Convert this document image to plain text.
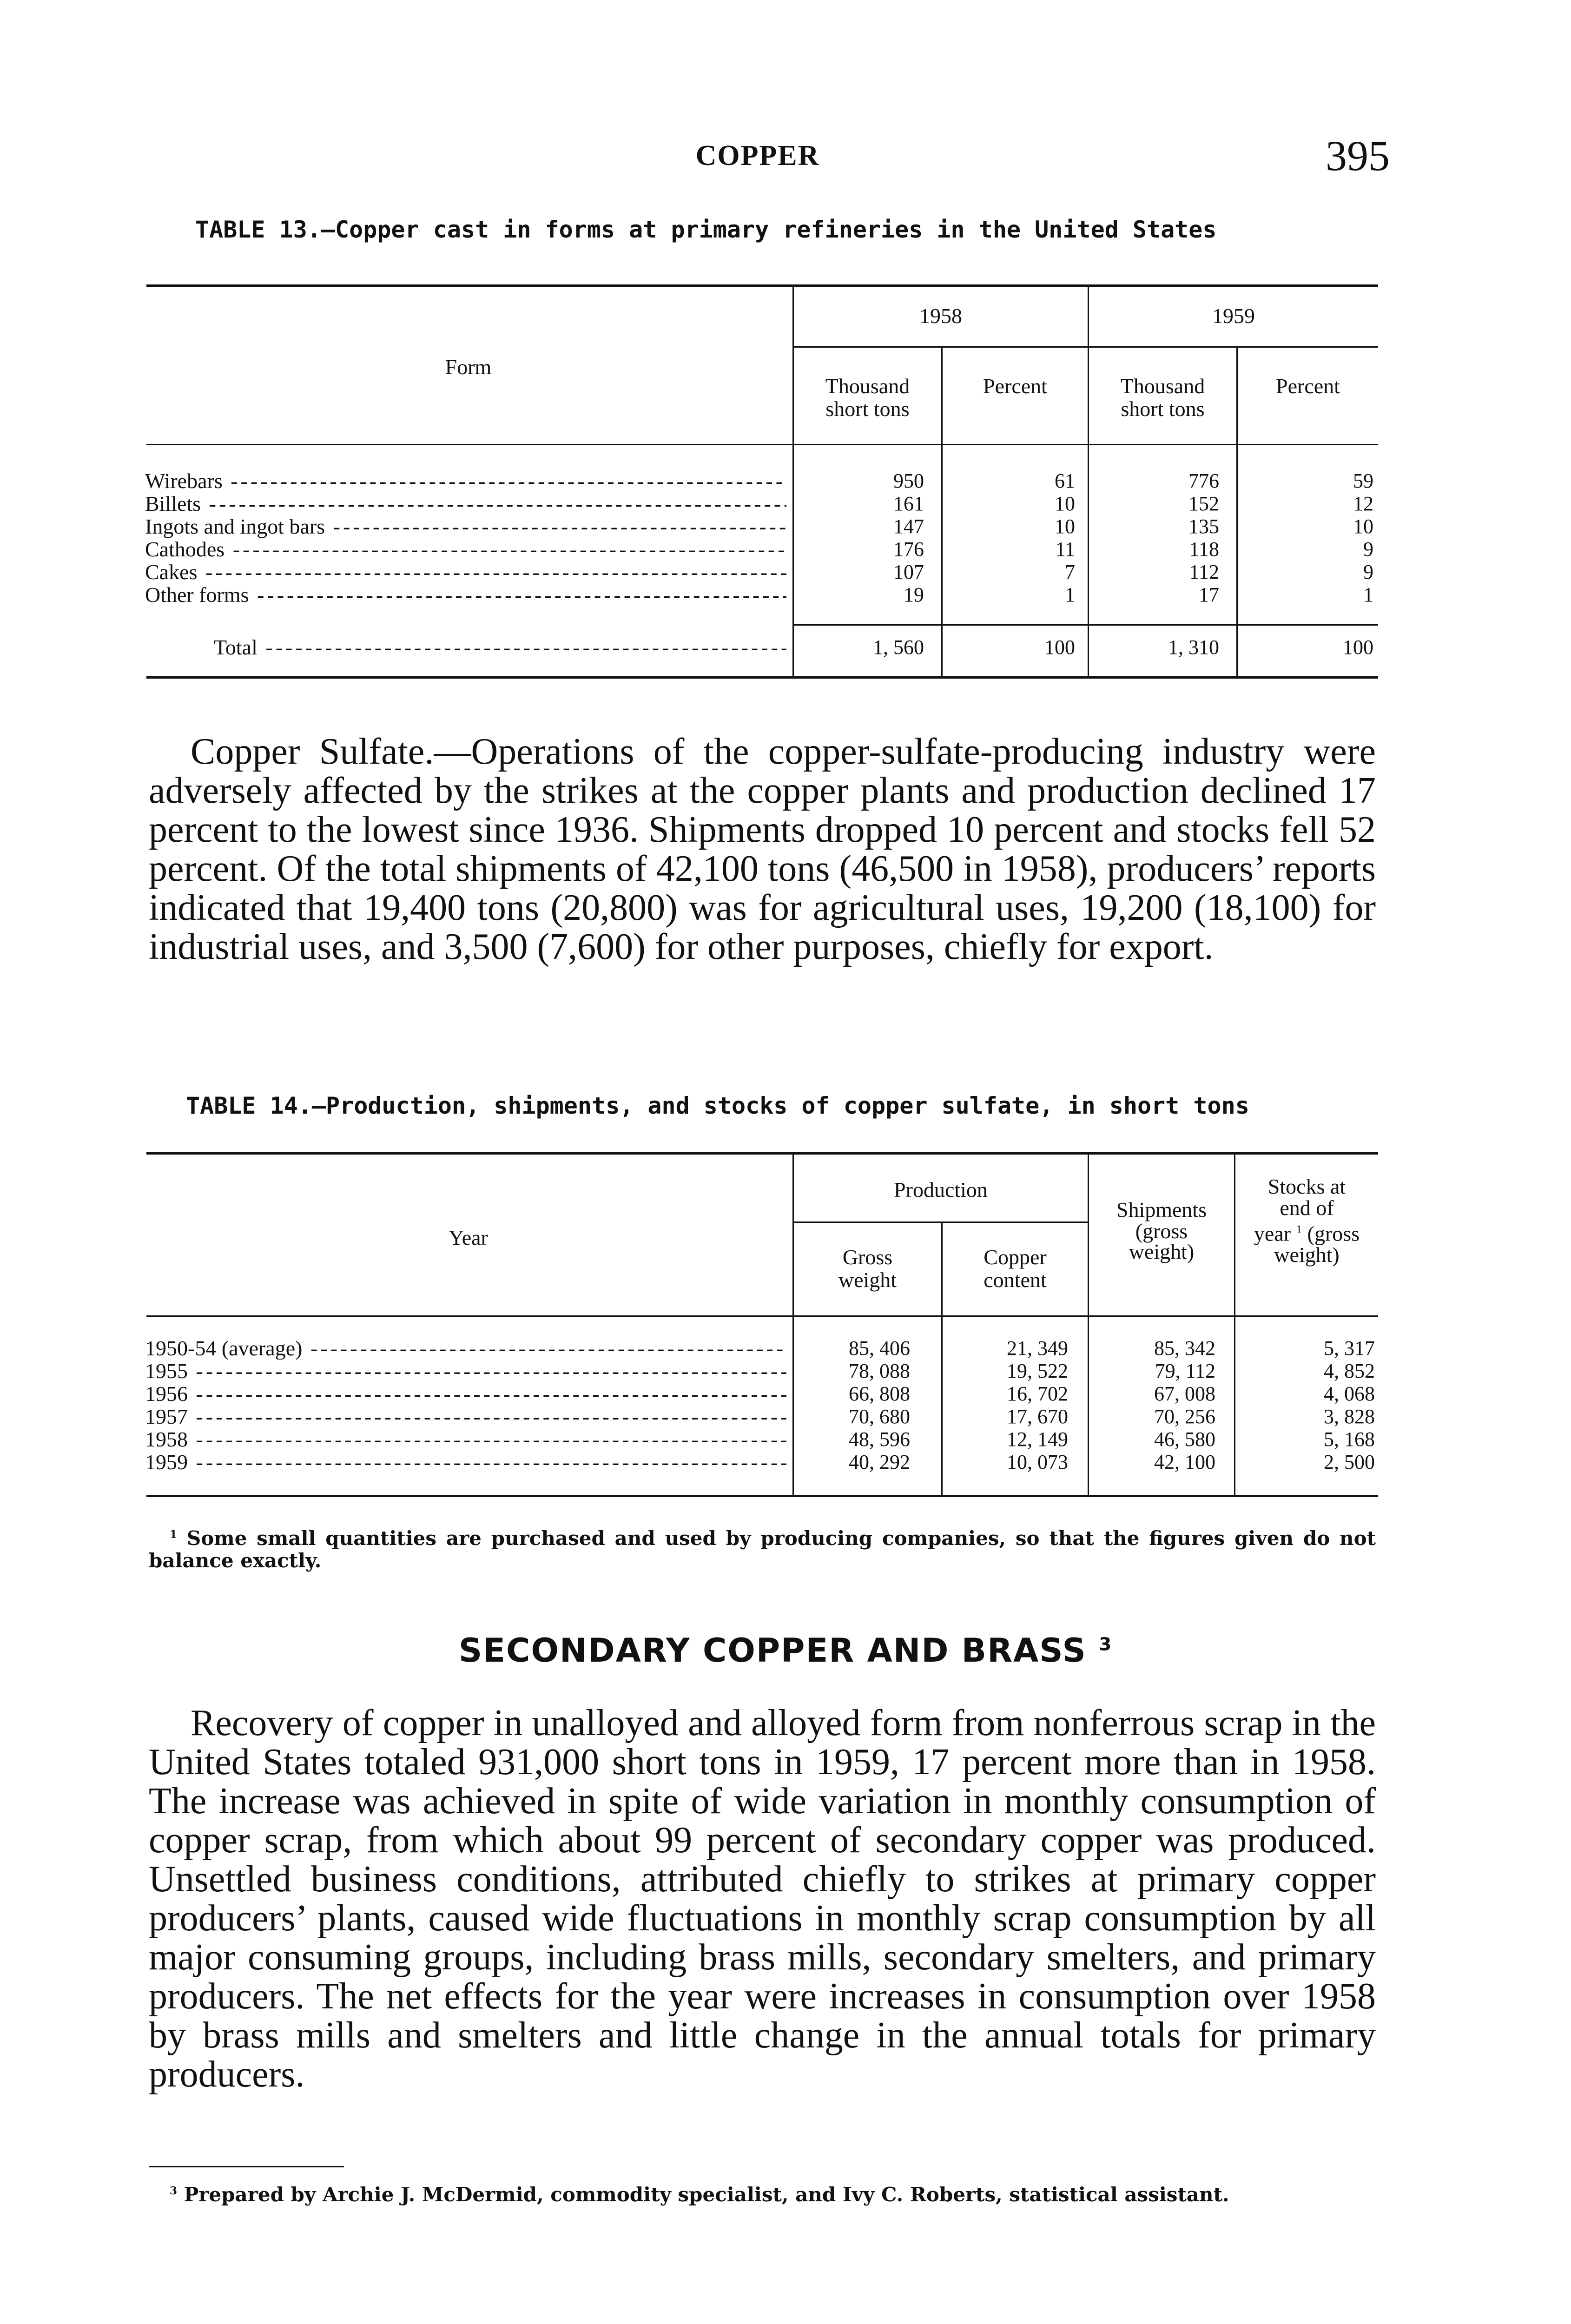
COPPER	395
TABLE 13.—Copper cast in forms at primary refineries in the United States
Form
1958	1959
Thousand
short tons
Percent	Thousand
short tons
Percent
Wirebars -----	950	61	776	59
Billets -----	161	10	152	12
Ingots and ingot bars -----	147	10	135	10
Cathodes -----	176	11	118	9
Cakes -----	107	7	112	9
Other forms -----	19	1	17	1
Total -----	1, 560	100	1, 310	100
Copper Sulfate.—Operations of the copper-sulfate-producing industry were adversely affected by the strikes at the copper plants and production declined 17 percent to the lowest since 1936. Shipments dropped 10 percent and stocks fell 52 percent. Of the total shipments of 42,100 tons (46,500 in 1958), producers’ reports indicated that 19,400 tons (20,800) was for agricultural uses, 19,200 (18,100) for industrial uses, and 3,500 (7,600) for other purposes, chiefly for export.
TABLE 14.—Production, shipments, and stocks of copper sulfate, in short tons
Year
Production
Gross
weight
Copper
content
Shipments
(gross
weight)
Stocks at
end of
year $^1$ (gross
weight)
1950-54 (average) -----	85, 406	21, 349	85, 342	5, 317
1955 -----	78, 088	19, 522	79, 112	4, 852
1956 -----	66, 808	16, 702	67, 008	4, 068
1957 -----	70, 680	17, 670	70, 256	3, 828
1958 -----	48, 596	12, 149	46, 580	5, 168
1959 -----	40, 292	10, 073	42, 100	2, 500
$^1$ Some small quantities are purchased and used by producing companies, so that the figures given do not balance exactly.
SECONDARY COPPER AND BRASS $^3$
Recovery of copper in unalloyed and alloyed form from nonferrous scrap in the United States totaled 931,000 short tons in 1959, 17 percent more than in 1958. The increase was achieved in spite of wide variation in monthly consumption of copper scrap, from which about 99 percent of secondary copper was produced. Unsettled business conditions, attributed chiefly to strikes at primary copper producers’ plants, caused wide fluctuations in monthly scrap consumption by all major consuming groups, including brass mills, secondary smelters, and primary producers. The net effects for the year were increases in consumption over 1958 by brass mills and smelters and little change in the annual totals for primary producers.
$^3$ Prepared by Archie J. McDermid, commodity specialist, and Ivy C. Roberts, statistical assistant.
